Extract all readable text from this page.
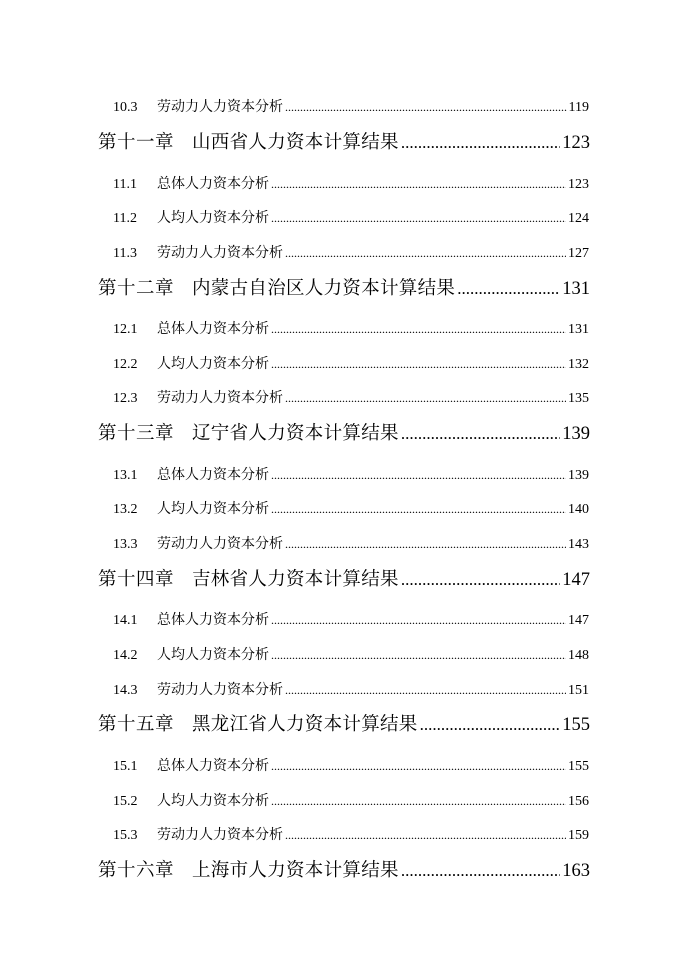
10.3	劳动力人力资本分析 .....	119
第十一章 山西省人力资本计算结果 .....	123
11.1	总体人力资本分析 .....	123
11.2	人均人力资本分析 .....	124
11.3	劳动力人力资本分析 .....	127
第十二章 内蒙古自治区人力资本计算结果 .....	131
12.1	总体人力资本分析 .....	131
12.2	人均人力资本分析 .....	132
12.3	劳动力人力资本分析 .....	135
第十三章 辽宁省人力资本计算结果 .....	139
13.1	总体人力资本分析 .....	139
13.2	人均人力资本分析 .....	140
13.3	劳动力人力资本分析 .....	143
第十四章 吉林省人力资本计算结果 .....	147
14.1	总体人力资本分析 .....	147
14.2	人均人力资本分析 .....	148
14.3	劳动力人力资本分析 .....	151
第十五章 黑龙江省人力资本计算结果 .....	155
15.1	总体人力资本分析 .....	155
15.2	人均人力资本分析 .....	156
15.3	劳动力人力资本分析 .....	159
第十六章 上海市人力资本计算结果 .....	163
